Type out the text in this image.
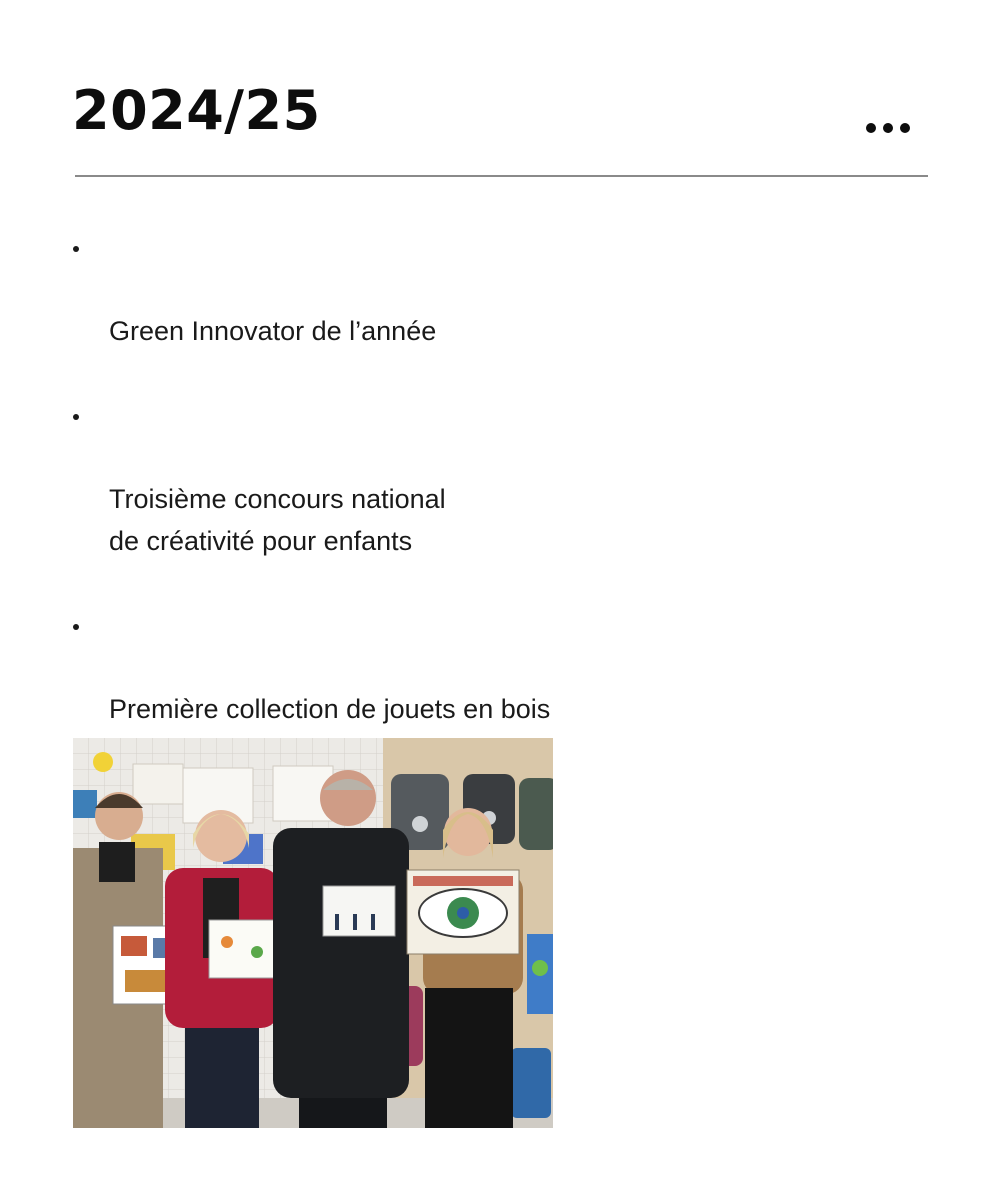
2024/25

Green Innovator de l’année

Troisième concours national
de créativité pour enfants

Première collection de jouets en bois
